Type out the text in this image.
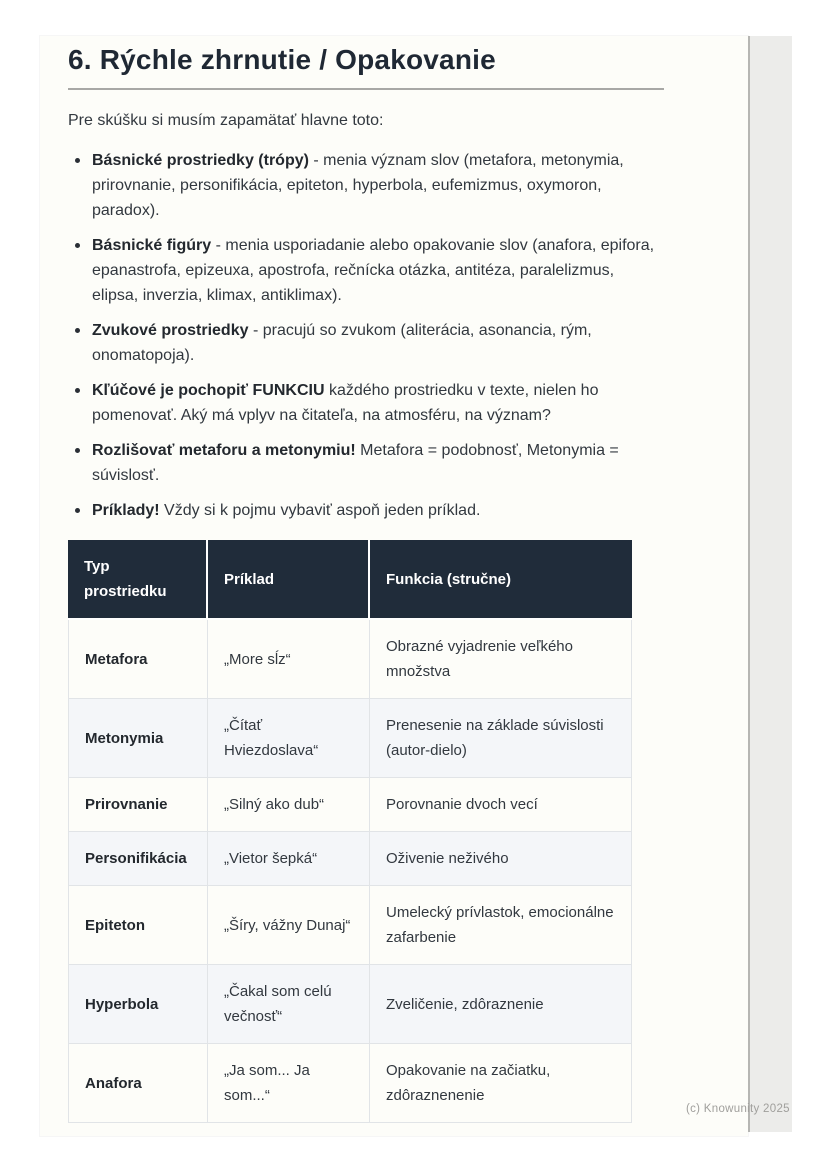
6. Rýchle zhrnutie / Opakovanie

Pre skúšku si musím zapamätať hlavne toto:

Básnické prostriedky (trópy) - menia význam slov (metafora, metonymia, prirovnanie, personifikácia, epiteton, hyperbola, eufemizmus, oxymoron, paradox).
Básnické figúry - menia usporiadanie alebo opakovanie slov (anafora, epifora, epanastrofa, epizeuxa, apostrofa, rečnícka otázka, antitéza, paralelizmus, elipsa, inverzia, klimax, antiklimax).
Zvukové prostriedky - pracujú so zvukom (aliterácia, asonancia, rým, onomatopoja).
Kľúčové je pochopiť FUNKCIU každého prostriedku v texte, nielen ho pomenovať. Aký má vplyv na čitateľa, na atmosféru, na význam?
Rozlišovať metaforu a metonymiu! Metafora = podobnosť, Metonymia = súvislosť.
Príklady! Vždy si k pojmu vybaviť aspoň jeden príklad.
Typ prostriedku	Príklad	Funkcia (stručne)
Metafora	„More sĺz“	Obrazné vyjadrenie veľkého množstva
Metonymia	„Čítať Hviezdoslava“	Prenesenie na základe súvislosti (autor-dielo)
Prirovnanie	„Silný ako dub“	Porovnanie dvoch vecí
Personifikácia	„Vietor šepká“	Oživenie neživého
Epiteton	„Šíry, vážny Dunaj“	Umelecký prívlastok, emocionálne zafarbenie
Hyperbola	„Čakal som celú večnosť“	Zveličenie, zdôraznenie
Anafora	„Ja som... Ja som...“	Opakovanie na začiatku, zdôraznenenie
(c) Knowunity 2025
